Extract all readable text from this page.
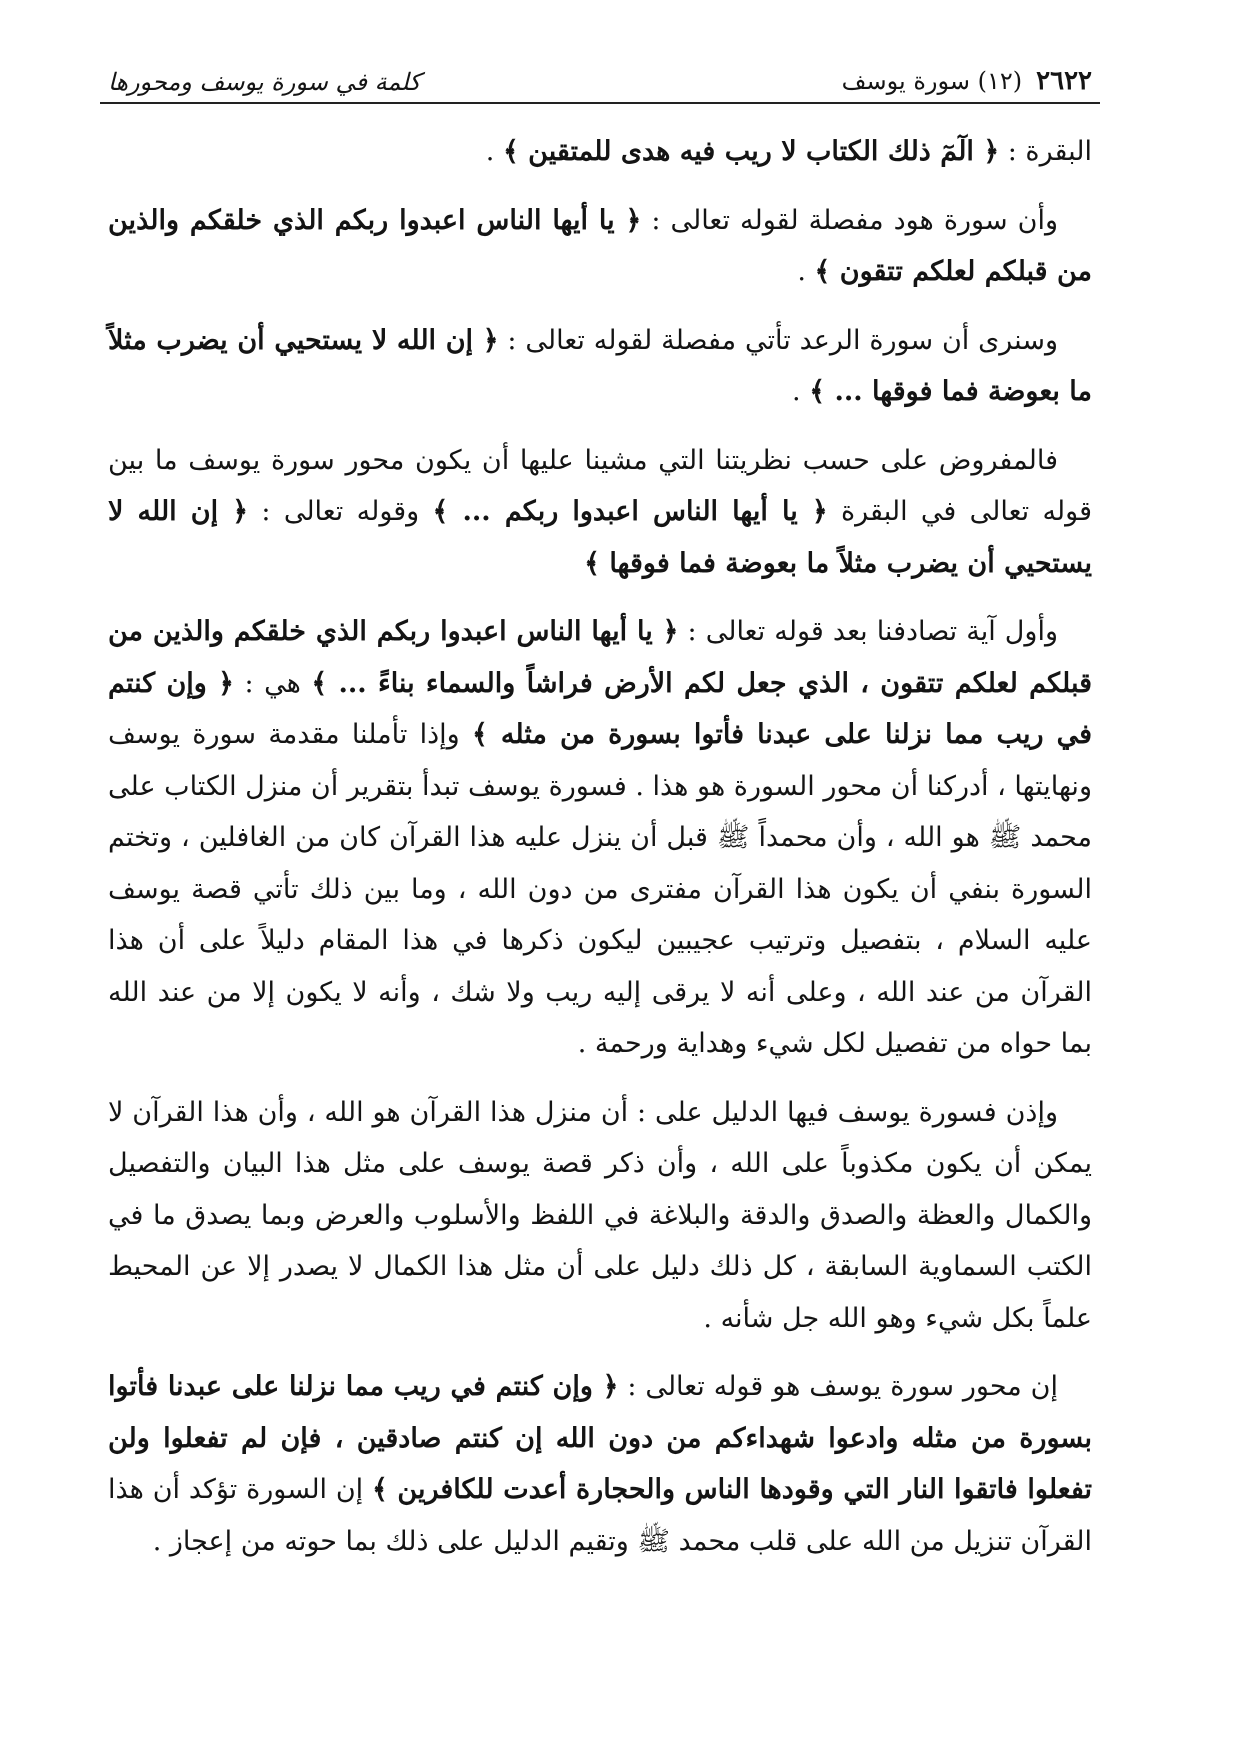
٢٦٢٢
(١٢) سورة يوسف
كلمة في سورة يوسف ومحورها

البقرة : ﴿ الٓمٓ ذلك الكتاب لا ريب فيه هدى للمتقين ﴾ .

وأن سورة هود مفصلة لقوله تعالى : ﴿ يا أيها الناس اعبدوا ربكم الذي خلقكم والذين من قبلكم لعلكم تتقون ﴾ .

وسنرى أن سورة الرعد تأتي مفصلة لقوله تعالى : ﴿ إن الله لا يستحيي أن يضرب مثلاً ما بعوضة فما فوقها ... ﴾ .

فالمفروض على حسب نظريتنا التي مشينا عليها أن يكون محور سورة يوسف ما بين قوله تعالى في البقرة ﴿ يا أيها الناس اعبدوا ربكم ... ﴾ وقوله تعالى : ﴿ إن الله لا يستحيي أن يضرب مثلاً ما بعوضة فما فوقها ﴾

وأول آية تصادفنا بعد قوله تعالى : ﴿ يا أيها الناس اعبدوا ربكم الذي خلقكم والذين من قبلكم لعلكم تتقون ، الذي جعل لكم الأرض فراشاً والسماء بناءً ... ﴾ هي : ﴿ وإن كنتم في ريب مما نزلنا على عبدنا فأتوا بسورة من مثله ﴾ وإذا تأملنا مقدمة سورة يوسف ونهايتها ، أدركنا أن محور السورة هو هذا . فسورة يوسف تبدأ بتقرير أن منزل الكتاب على محمد ﷺ هو الله ، وأن محمداً ﷺ قبل أن ينزل عليه هذا القرآن كان من الغافلين ، وتختم السورة بنفي أن يكون هذا القرآن مفترى من دون الله ، وما بين ذلك تأتي قصة يوسف عليه السلام ، بتفصيل وترتيب عجيبين ليكون ذكرها في هذا المقام دليلاً على أن هذا القرآن من عند الله ، وعلى أنه لا يرقى إليه ريب ولا شك ، وأنه لا يكون إلا من عند الله بما حواه من تفصيل لكل شيء وهداية ورحمة .

وإذن فسورة يوسف فيها الدليل على : أن منزل هذا القرآن هو الله ، وأن هذا القرآن لا يمكن أن يكون مكذوباً على الله ، وأن ذكر قصة يوسف على مثل هذا البيان والتفصيل والكمال والعظة والصدق والدقة والبلاغة في اللفظ والأسلوب والعرض وبما يصدق ما في الكتب السماوية السابقة ، كل ذلك دليل على أن مثل هذا الكمال لا يصدر إلا عن المحيط علماً بكل شيء وهو الله جل شأنه .

إن محور سورة يوسف هو قوله تعالى : ﴿ وإن كنتم في ريب مما نزلنا على عبدنا فأتوا بسورة من مثله وادعوا شهداءكم من دون الله إن كنتم صادقين ، فإن لم تفعلوا ولن تفعلوا فاتقوا النار التي وقودها الناس والحجارة أعدت للكافرين ﴾ إن السورة تؤكد أن هذا القرآن تنزيل من الله على قلب محمد ﷺ وتقيم الدليل على ذلك بما حوته من إعجاز .
